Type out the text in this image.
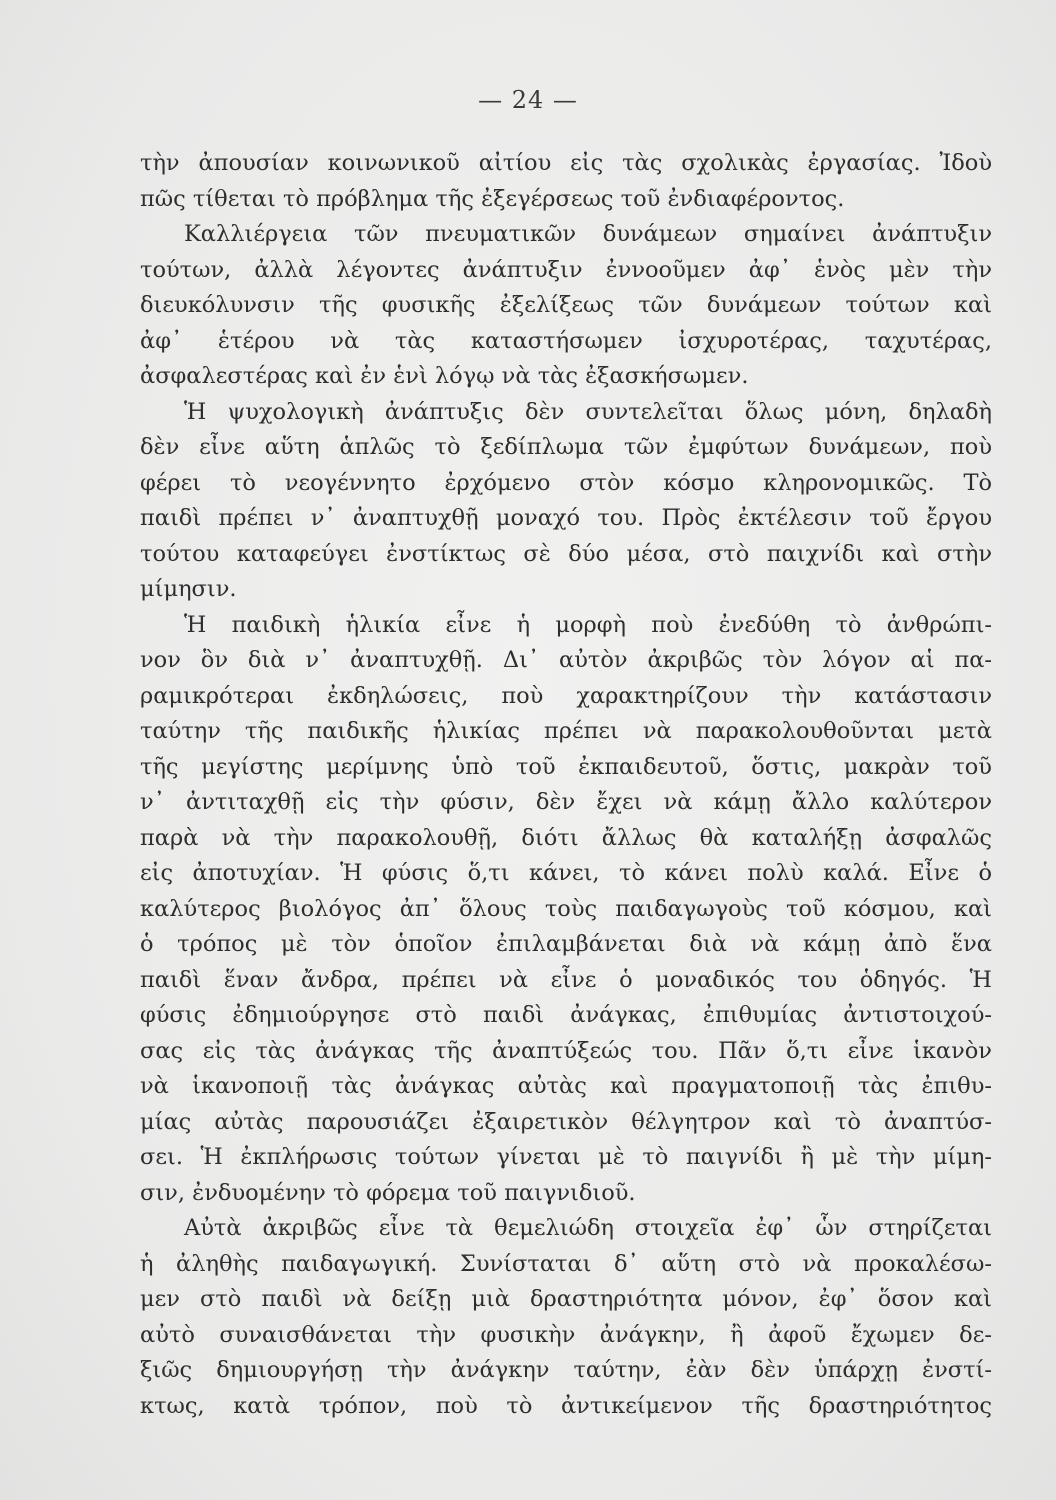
— 24 —
τὴν ἀπουσίαν κοινωνικοῦ αἰτίου εἰς τὰς σχολικὰς ἐργασίας. Ἰδοὺ
πῶς τίθεται τὸ πρόβλημα τῆς ἐξεγέρσεως τοῦ ἐνδιαφέροντος.
Καλλιέργεια τῶν πνευματικῶν δυνάμεων σημαίνει ἀνάπτυξιν
τούτων, ἀλλὰ λέγοντες ἀνάπτυξιν ἐννοοῦμεν ἀφ᾿ ἑνὸς μὲν τὴν
διευκόλυνσιν τῆς φυσικῆς ἐξελίξεως τῶν δυνάμεων τούτων καὶ
ἀφ᾿ ἑτέρου νὰ τὰς καταστήσωμεν ἰσχυροτέρας, ταχυτέρας,
ἀσφαλεστέρας καὶ ἐν ἑνὶ λόγῳ νὰ τὰς ἐξασκήσωμεν.
Ἡ ψυχολογικὴ ἀνάπτυξις δὲν συντελεῖται ὅλως μόνη, δηλαδὴ
δὲν εἶνε αὕτη ἁπλῶς τὸ ξεδίπλωμα τῶν ἐμφύτων δυνάμεων, ποὺ
φέρει τὸ νεογέννητο ἐρχόμενο στὸν κόσμο κληρονομικῶς. Τὸ
παιδὶ πρέπει ν᾿ ἀναπτυχθῇ μοναχό του. Πρὸς ἐκτέλεσιν τοῦ ἔργου
τούτου καταφεύγει ἐνστίκτως σὲ δύο μέσα, στὸ παιχνίδι καὶ στὴν
μίμησιν.
Ἡ παιδικὴ ἡλικία εἶνε ἡ μορφὴ ποὺ ἐνεδύθη τὸ ἀνθρώπι-
νον ὃν διὰ ν᾿ ἀναπτυχθῇ. Δι᾿ αὐτὸν ἀκριβῶς τὸν λόγον αἱ πα-
ραμικρότεραι ἐκδηλώσεις, ποὺ χαρακτηρίζουν τὴν κατάστασιν
ταύτην τῆς παιδικῆς ἡλικίας πρέπει νὰ παρακολουθοῦνται μετὰ
τῆς μεγίστης μερίμνης ὑπὸ τοῦ ἐκπαιδευτοῦ, ὅστις, μακρὰν τοῦ
ν᾿ ἀντιταχθῇ εἰς τὴν φύσιν, δὲν ἔχει νὰ κάμῃ ἄλλο καλύτερον
παρὰ νὰ τὴν παρακολουθῇ, διότι ἄλλως θὰ καταλήξῃ ἀσφαλῶς
εἰς ἀποτυχίαν. Ἡ φύσις ὅ,τι κάνει, τὸ κάνει πολὺ καλά. Εἶνε ὁ
καλύτερος βιολόγος ἀπ᾿ ὅλους τοὺς παιδαγωγοὺς τοῦ κόσμου, καὶ
ὁ τρόπος μὲ τὸν ὁποῖον ἐπιλαμβάνεται διὰ νὰ κάμῃ ἀπὸ ἕνα
παιδὶ ἕναν ἄνδρα, πρέπει νὰ εἶνε ὁ μοναδικός του ὁδηγός. Ἡ
φύσις ἐδημιούργησε στὸ παιδὶ ἀνάγκας, ἐπιθυμίας ἀντιστοιχού-
σας εἰς τὰς ἀνάγκας τῆς ἀναπτύξεώς του. Πᾶν ὅ,τι εἶνε ἱκανὸν
νὰ ἱκανοποιῇ τὰς ἀνάγκας αὐτὰς καὶ πραγματοποιῇ τὰς ἐπιθυ-
μίας αὐτὰς παρουσιάζει ἐξαιρετικὸν θέλγητρον καὶ τὸ ἀναπτύσ-
σει. Ἡ ἐκπλήρωσις τούτων γίνεται μὲ τὸ παιγνίδι ἢ μὲ τὴν μίμη-
σιν, ἐνδυομένην τὸ φόρεμα τοῦ παιγνιδιοῦ.
Αὐτὰ ἀκριβῶς εἶνε τὰ θεμελιώδη στοιχεῖα ἐφ᾿ ὧν στηρίζεται
ἡ ἀληθὴς παιδαγωγική. Συνίσταται δ᾿ αὕτη στὸ νὰ προκαλέσω-
μεν στὸ παιδὶ νὰ δείξῃ μιὰ δραστηριότητα μόνον, ἐφ᾿ ὅσον καὶ
αὐτὸ συναισθάνεται τὴν φυσικὴν ἀνάγκην, ἢ ἀφοῦ ἔχωμεν δε-
ξιῶς δημιουργήσῃ τὴν ἀνάγκην ταύτην, ἐὰν δὲν ὑπάρχῃ ἐνστί-
κτως, κατὰ τρόπον, ποὺ τὸ ἀντικείμενον τῆς δραστηριότητος
